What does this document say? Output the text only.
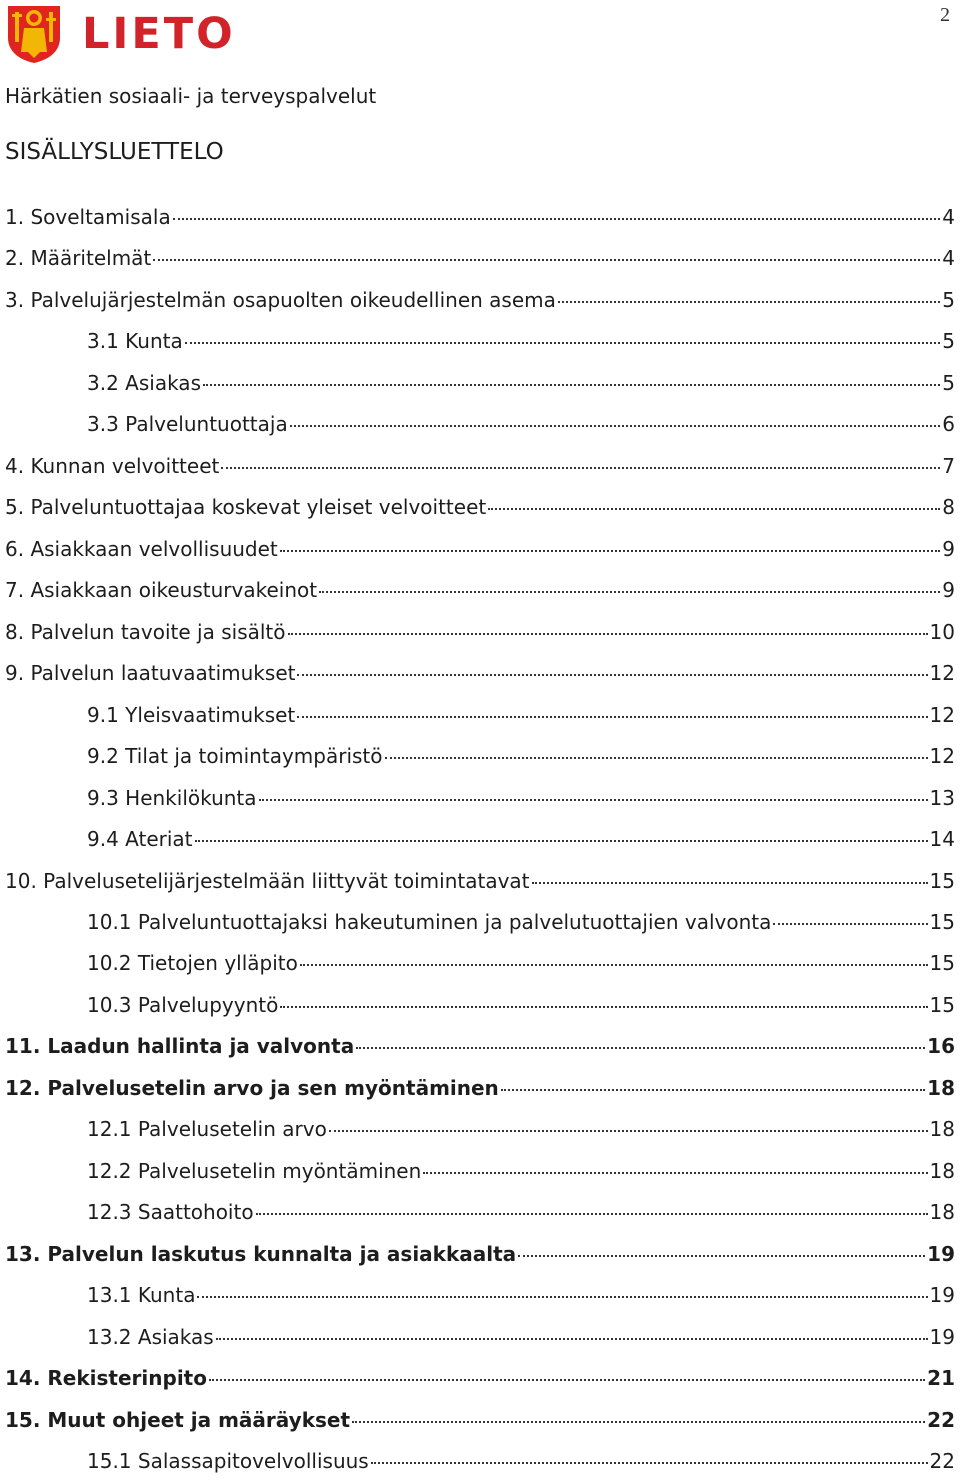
2
LIETO
Härkätien sosiaali- ja terveyspalvelut
SISÄLLYSLUETTELO
1. Soveltamisala	4
2. Määritelmät	4
3. Palvelujärjestelmän osapuolten oikeudellinen asema	5
3.1 Kunta	5
3.2 Asiakas	5
3.3 Palveluntuottaja	6
4. Kunnan velvoitteet	7
5. Palveluntuottajaa koskevat yleiset velvoitteet	8
6. Asiakkaan velvollisuudet	9
7. Asiakkaan oikeusturvakeinot	9
8. Palvelun tavoite ja sisältö	10
9. Palvelun laatuvaatimukset	12
9.1 Yleisvaatimukset	12
9.2 Tilat ja toimintaympäristö	12
9.3 Henkilökunta	13
9.4 Ateriat	14
10. Palvelusetelijärjestelmään liittyvät toimintatavat	15
10.1 Palveluntuottajaksi hakeutuminen ja palvelutuottajien valvonta	15
10.2 Tietojen ylläpito	15
10.3 Palvelupyyntö	15
11. Laadun hallinta ja valvonta	16
12. Palvelusetelin arvo ja sen myöntäminen	18
12.1 Palvelusetelin arvo	18
12.2 Palvelusetelin myöntäminen	18
12.3 Saattohoito	18
13. Palvelun laskutus kunnalta ja asiakkaalta	19
13.1 Kunta	19
13.2 Asiakas	19
14. Rekisterinpito	21
15. Muut ohjeet ja määräykset	22
15.1 Salassapitovelvollisuus	22
